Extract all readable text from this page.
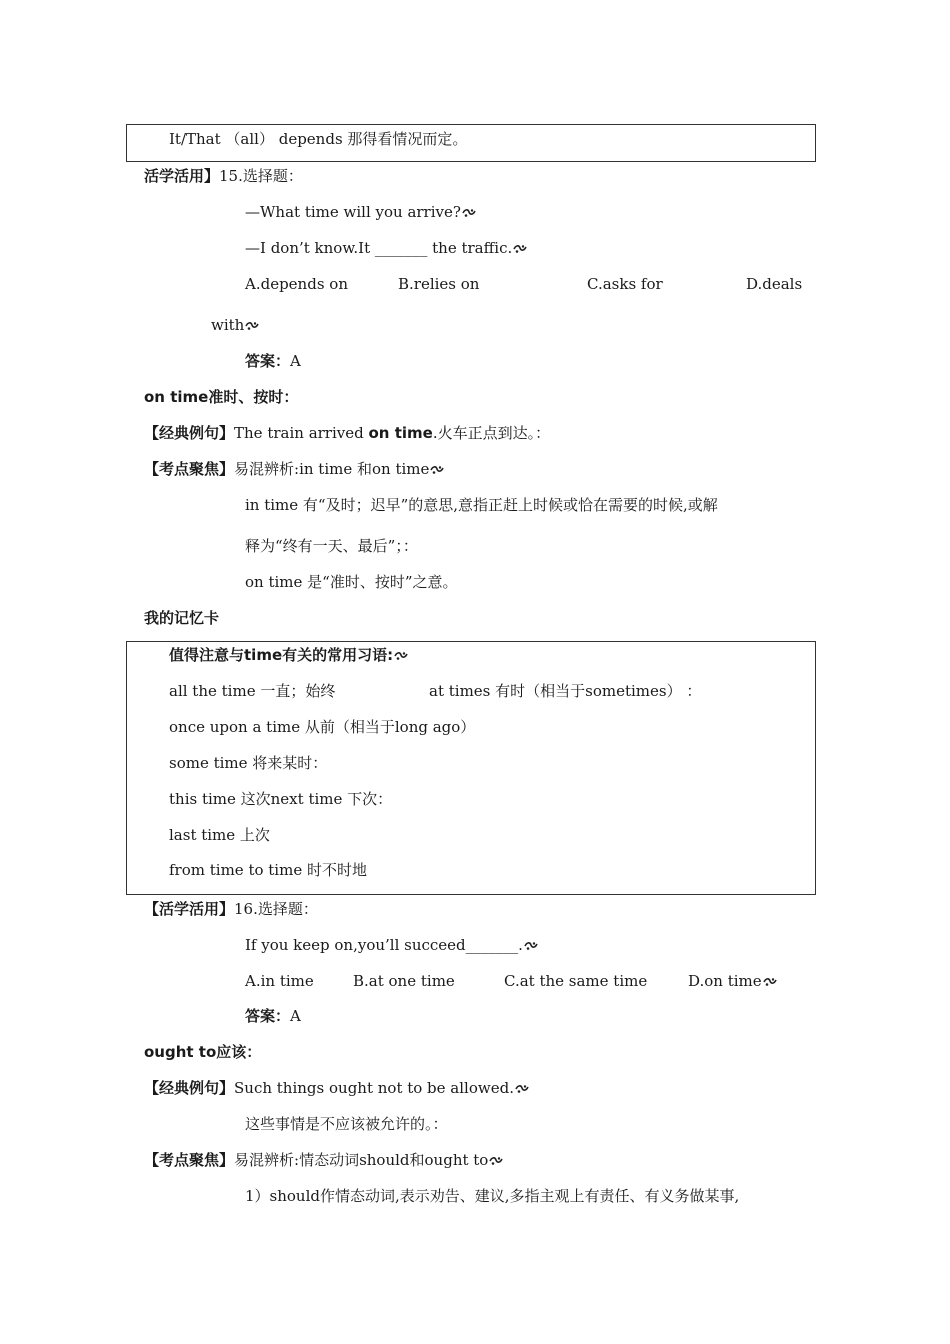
It/That （all） depends 那得看情况而定。
活学活用】15.选择题：
—What time will you arrive?
—I don’t know.It _______ the traffic.
A.depends on	B.relies on	C.asks for	D.deals
with
答案：A
on time准时、按时：
【经典例句】The train arrived on time.火车正点到达。：
【考点聚焦】易混辨析:in time 和on time
in time 有“及时；迟早”的意思,意指正赶上时候或恰在需要的时候,或解
释为“终有一天、最后”；：
on time 是“准时、按时”之意。
我的记忆卡
值得注意与time有关的常用习语:
all the time 一直；始终	at times 有时（相当于sometimes） ：
once upon a time 从前（相当于long ago）
some time 将来某时：
this time 这次next time 下次：
last time 上次
from time to time 时不时地
【活学活用】16.选择题：
If you keep on,you’ll succeed_______.
A.in time	B.at one time	C.at the same time	D.on time
答案：A
ought to应该：
【经典例句】Such things ought not to be allowed.
这些事情是不应该被允许的。：
【考点聚焦】易混辨析:情态动词should和ought to
1）should作情态动词,表示劝告、建议,多指主观上有责任、有义务做某事,
